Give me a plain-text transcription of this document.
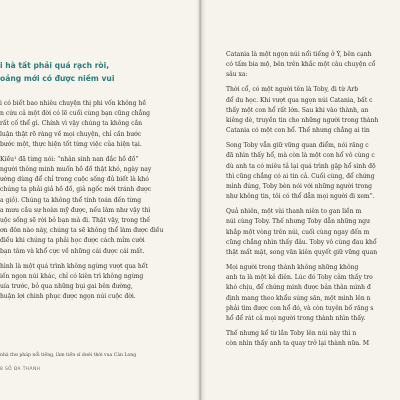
i hà tất phải quá rạch ròi,
oảng mới có được niềm vui

i có biết bao nhiêu chuyện thị phi vốn không hề
n cứu cả một đời có lẽ cuối cùng bạn cũng chẳng
rất cố thể gì. Chính vì vậy chúng ta không cần
luận thật rõ ràng về mọi chuyện, chỉ cần bước
bước một, thực hiện tốt từng việc của hiện tại.

Kiều¹ đã từng nói: “nhân sinh nan đắc hồ đồ”
người thông minh muốn hồ đồ thật khó, ngày nay
ường dùng để chỉ trong cuộc sống đủ biết là khó
chúng ta phải giả hồ đồ, giả ngốc mới tránh được
a giỏ). Chúng ta không thể tính toán đến từng
a mưu cầu sự hoàn mỹ được, nếu làm như vậy thì
uộc sống sẽ rời bỏ bạn mà đi. Thật vậy, trong thế
ơn đôn nào này, chúng ta sẽ không thể làm được điều
điều khi chúng ta phải học được cách mỉm cười
bạn tâm và khổ cực về những cái được cái mất.

hình là một quá trình không ngừng vượt qua hết
iến ngọn núi khác, chỉ có kiên trì không ngừng
uía trước, bỏ qua những bụi gai bên đường,
huận lợi chinh phục được ngọn núi cuộc đời.

nhà thư pháp nổi tiếng, làm tiến sĩ dưới thời vua Càn Long
8 SỐ ĐA THÀNH

Catania là một ngọn núi nổi tiếng ở Ý, bên cạnh
có tấm bia mộ, bên trên khắc một câu chuyện cổ
sâu xa:

Thời cổ, có một người tên là Toby, đi từ Arb
để du học. Khi vượt qua ngọn núi Catania, bất c
thấy một con hổ rất lớn. Sau khi vào thành, an
kiêng dè, truyền tin cho những người trong thành
Catania có một con hổ. Thế nhưng chẳng ai tin

Song Toby vẫn giữ vững quan điểm, nói răng c
đã nhìn thấy hổ, mà còn là một con hổ vô cùng c
dù anh ta có miêu tả lại quá trình gặp hổ sinh độ
thì cũng chẳng có ai tin cả. Cuối cùng, để chứng
mình đúng, Toby bèn nói với những người trong
như không tin, tôi có thể dẫn mọi người đi xem”.

Quả nhiên, một vài thanh niên to gan liền m
núi cùng Toby. Thế nhưng Toby dẫn những ngư
khắp một vòng trên núi, cuối cùng ngay đến m
cũng chẳng nhìn thấy đâu. Toby vô cùng đau khổ
thật mất mặt, song văn kiên quyết giữ vững quan

Mọi người trong thành không những không
anh ta là một kẻ điên. Lúc đó Toby cảm thấy tro
khó chịu, để chứng minh được bản thân mình đ
định mang theo khẩu súng săn, một mình lên n
phải tìm được con hổ đó, và còn tuyên bố răng s
hổ để rát cả mọi người trong thành nhìn thấy.

Thế nhưng kể từ lần Toby lên núi này thì n
còn nhìn thấy anh ta quay trở lại thành nữa. M
